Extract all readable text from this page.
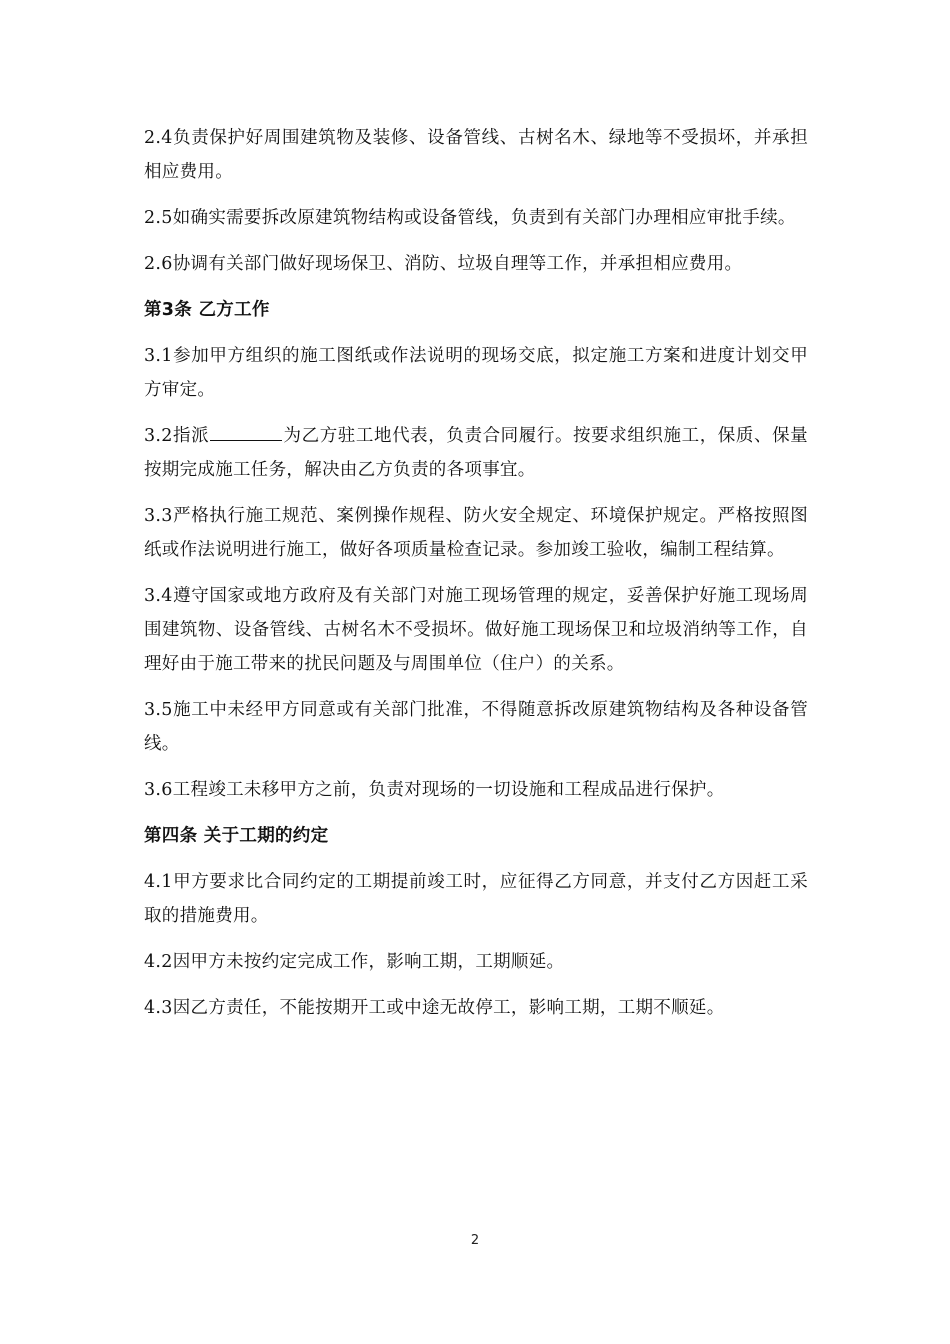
2.4负责保护好周围建筑物及装修、设备管线、古树名木、绿地等不受损坏，并承担相应费用。

2.5如确实需要拆改原建筑物结构或设备管线，负责到有关部门办理相应审批手续。

2.6协调有关部门做好现场保卫、消防、垃圾自理等工作，并承担相应费用。

第3条 乙方工作

3.1参加甲方组织的施工图纸或作法说明的现场交底，拟定施工方案和进度计划交甲方审定。

3.2指派	为乙方驻工地代表，负责合同履行。按要求组织施工，保质、保量按期完成施工任务，解决由乙方负责的各项事宜。

3.3严格执行施工规范、案例操作规程、防火安全规定、环境保护规定。严格按照图纸或作法说明进行施工，做好各项质量检查记录。参加竣工验收，编制工程结算。

3.4遵守国家或地方政府及有关部门对施工现场管理的规定，妥善保护好施工现场周围建筑物、设备管线、古树名木不受损坏。做好施工现场保卫和垃圾消纳等工作，自理好由于施工带来的扰民问题及与周围单位（住户）的关系。

3.5施工中未经甲方同意或有关部门批准，不得随意拆改原建筑物结构及各种设备管线。

3.6工程竣工未移甲方之前，负责对现场的一切设施和工程成品进行保护。

第四条 关于工期的约定

4.1甲方要求比合同约定的工期提前竣工时，应征得乙方同意，并支付乙方因赶工采取的措施费用。

4.2因甲方未按约定完成工作，影响工期，工期顺延。

4.3因乙方责任，不能按期开工或中途无故停工，影响工期，工期不顺延。

2
